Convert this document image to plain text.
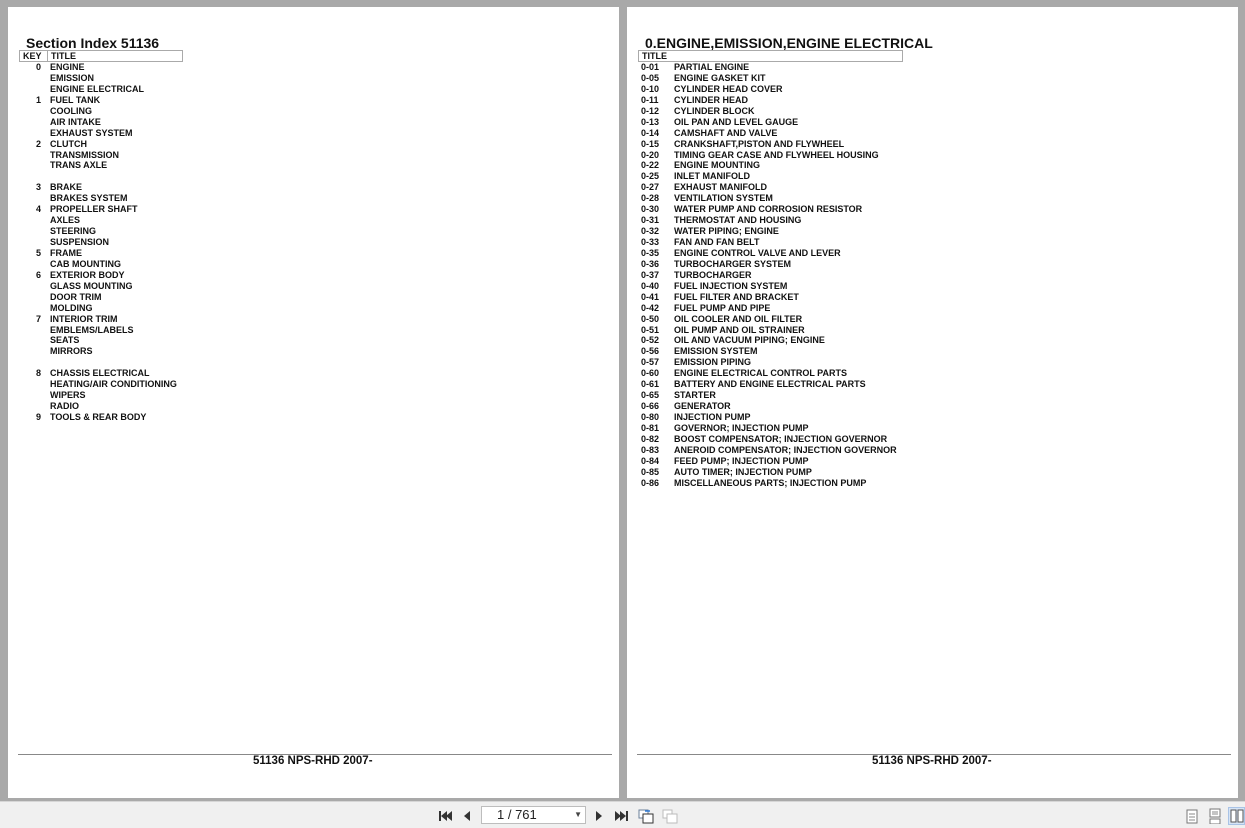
Section Index 51136
KEY TITLE
0 ENGINE
EMISSION
ENGINE ELECTRICAL
1 FUEL TANK
COOLING
AIR INTAKE
EXHAUST SYSTEM
2 CLUTCH
TRANSMISSION
TRANS AXLE
3 BRAKE
BRAKES SYSTEM
4 PROPELLER SHAFT
AXLES
STEERING
SUSPENSION
5 FRAME
CAB MOUNTING
6 EXTERIOR BODY
GLASS MOUNTING
DOOR TRIM
MOLDING
7 INTERIOR TRIM
EMBLEMS/LABELS
SEATS
MIRRORS
8 CHASSIS ELECTRICAL
HEATING/AIR CONDITIONING
WIPERS
RADIO
9 TOOLS & REAR BODY
51136 NPS-RHD 2007-
0.ENGINE,EMISSION,ENGINE ELECTRICAL
TITLE
0-01 PARTIAL ENGINE
0-05 ENGINE GASKET KIT
0-10 CYLINDER HEAD COVER
0-11 CYLINDER HEAD
0-12 CYLINDER BLOCK
0-13 OIL PAN AND LEVEL GAUGE
0-14 CAMSHAFT AND VALVE
0-15 CRANKSHAFT,PISTON AND FLYWHEEL
0-20 TIMING GEAR CASE AND FLYWHEEL HOUSING
0-22 ENGINE MOUNTING
0-25 INLET MANIFOLD
0-27 EXHAUST MANIFOLD
0-28 VENTILATION SYSTEM
0-30 WATER PUMP AND CORROSION RESISTOR
0-31 THERMOSTAT AND HOUSING
0-32 WATER PIPING; ENGINE
0-33 FAN AND FAN BELT
0-35 ENGINE CONTROL VALVE AND LEVER
0-36 TURBOCHARGER SYSTEM
0-37 TURBOCHARGER
0-40 FUEL INJECTION SYSTEM
0-41 FUEL FILTER AND BRACKET
0-42 FUEL PUMP AND PIPE
0-50 OIL COOLER AND OIL FILTER
0-51 OIL PUMP AND OIL STRAINER
0-52 OIL AND VACUUM PIPING; ENGINE
0-56 EMISSION SYSTEM
0-57 EMISSION PIPING
0-60 ENGINE ELECTRICAL CONTROL PARTS
0-61 BATTERY AND ENGINE ELECTRICAL PARTS
0-65 STARTER
0-66 GENERATOR
0-80 INJECTION PUMP
0-81 GOVERNOR; INJECTION PUMP
0-82 BOOST COMPENSATOR; INJECTION GOVERNOR
0-83 ANEROID COMPENSATOR; INJECTION GOVERNOR
0-84 FEED PUMP; INJECTION PUMP
0-85 AUTO TIMER; INJECTION PUMP
0-86 MISCELLANEOUS PARTS; INJECTION PUMP
51136 NPS-RHD 2007-
1 / 761	▼
